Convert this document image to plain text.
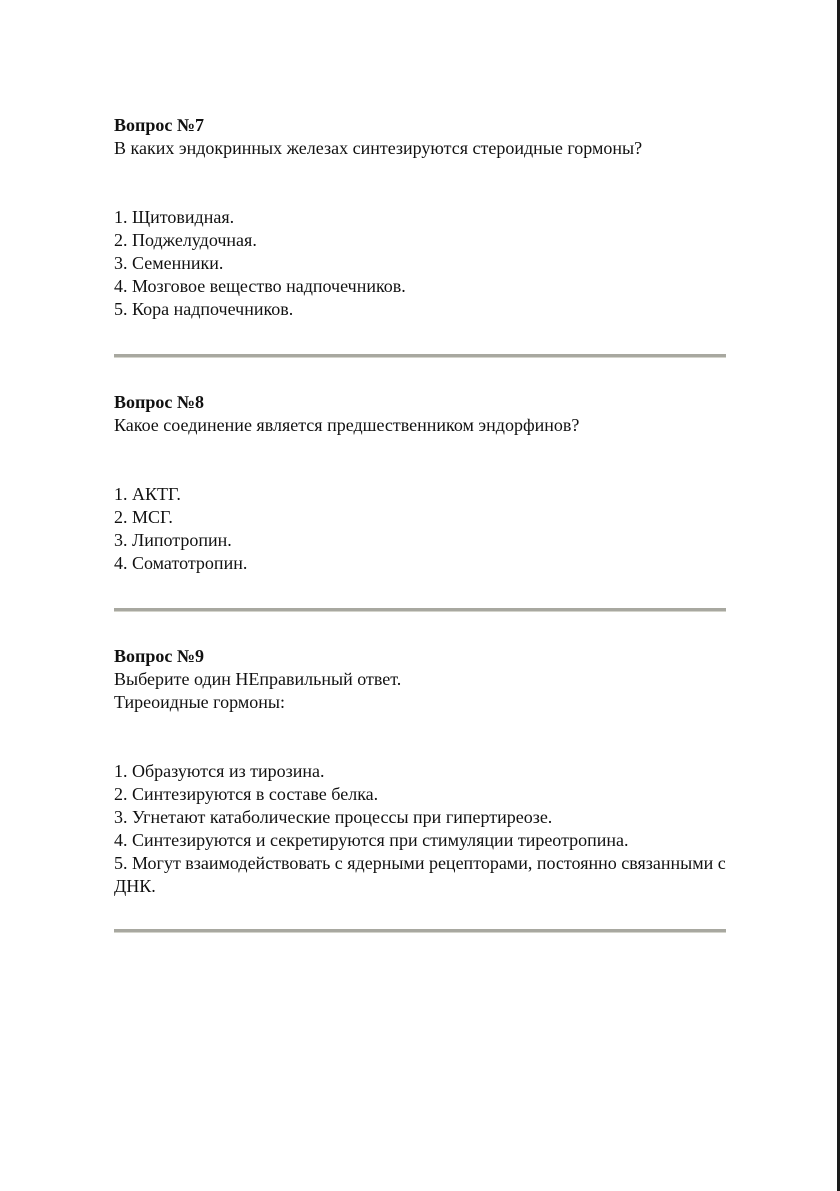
Вопрос №7

В каких эндокринных железах синтезируются стероидные гормоны?

1. Щитовидная.
2. Поджелудочная.
3. Семенники.
4. Мозговое вещество надпочечников.
5. Кора надпочечников.

Вопрос №8

Какое соединение является предшественником эндорфинов?

1. АКТГ.
2. МСГ.
3. Липотропин.
4. Соматотропин.

Вопрос №9

Выберите один НЕправильный ответ.

Тиреоидные гормоны:

1. Образуются из тирозина.
2. Синтезируются в составе белка.
3. Угнетают катаболические процессы при гипертиреозе.
4. Синтезируются и секретируются при стимуляции тиреотропина.
5. Могут взаимодействовать с ядерными рецепторами, постоянно связанными с ДНК.
